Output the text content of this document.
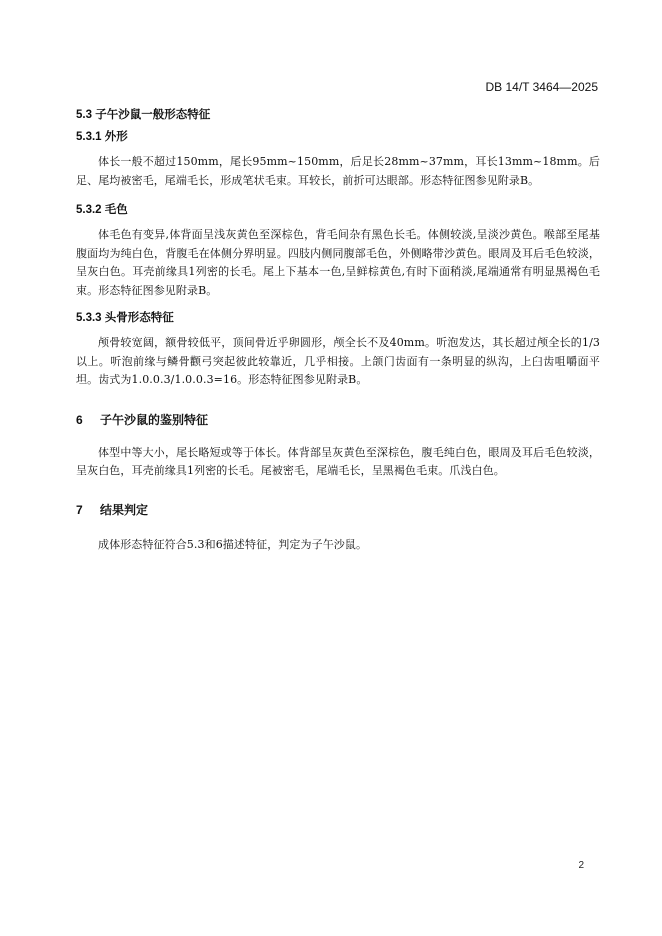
DB 14/T 3464—2025
5.3 子午沙鼠一般形态特征
5.3.1 外形

体长一般不超过150mm，尾长95mm~150mm，后足长28mm~37mm，耳长13mm~18mm。后足、尾均被密毛，尾端毛长，形成笔状毛束。耳较长，前折可达眼部。形态特征图参见附录B。

5.3.2 毛色

体毛色有变异,体背面呈浅灰黄色至深棕色，背毛间杂有黑色长毛。体侧较淡,呈淡沙黄色。喉部至尾基腹面均为纯白色，背腹毛在体侧分界明显。四肢内侧同腹部毛色，外侧略带沙黄色。眼周及耳后毛色较淡，呈灰白色。耳壳前缘具1列密的长毛。尾上下基本一色,呈鲜棕黄色,有时下面稍淡,尾端通常有明显黑褐色毛束。形态特征图参见附录B。

5.3.3 头骨形态特征

颅骨较宽阔，额骨较低平，顶间骨近乎卵圆形，颅全长不及40mm。听泡发达，其长超过颅全长的1/3以上。听泡前缘与鳞骨颧弓突起彼此较靠近，几乎相接。上颌门齿面有一条明显的纵沟，上臼齿咀嚼面平坦。齿式为1.0.0.3/1.0.0.3=16。形态特征图参见附录B。

6 子午沙鼠的鉴别特征

体型中等大小，尾长略短或等于体长。体背部呈灰黄色至深棕色，腹毛纯白色，眼周及耳后毛色较淡，呈灰白色，耳壳前缘具1列密的长毛。尾被密毛，尾端毛长，呈黑褐色毛束。爪浅白色。

7 结果判定

成体形态特征符合5.3和6描述特征，判定为子午沙鼠。

2
